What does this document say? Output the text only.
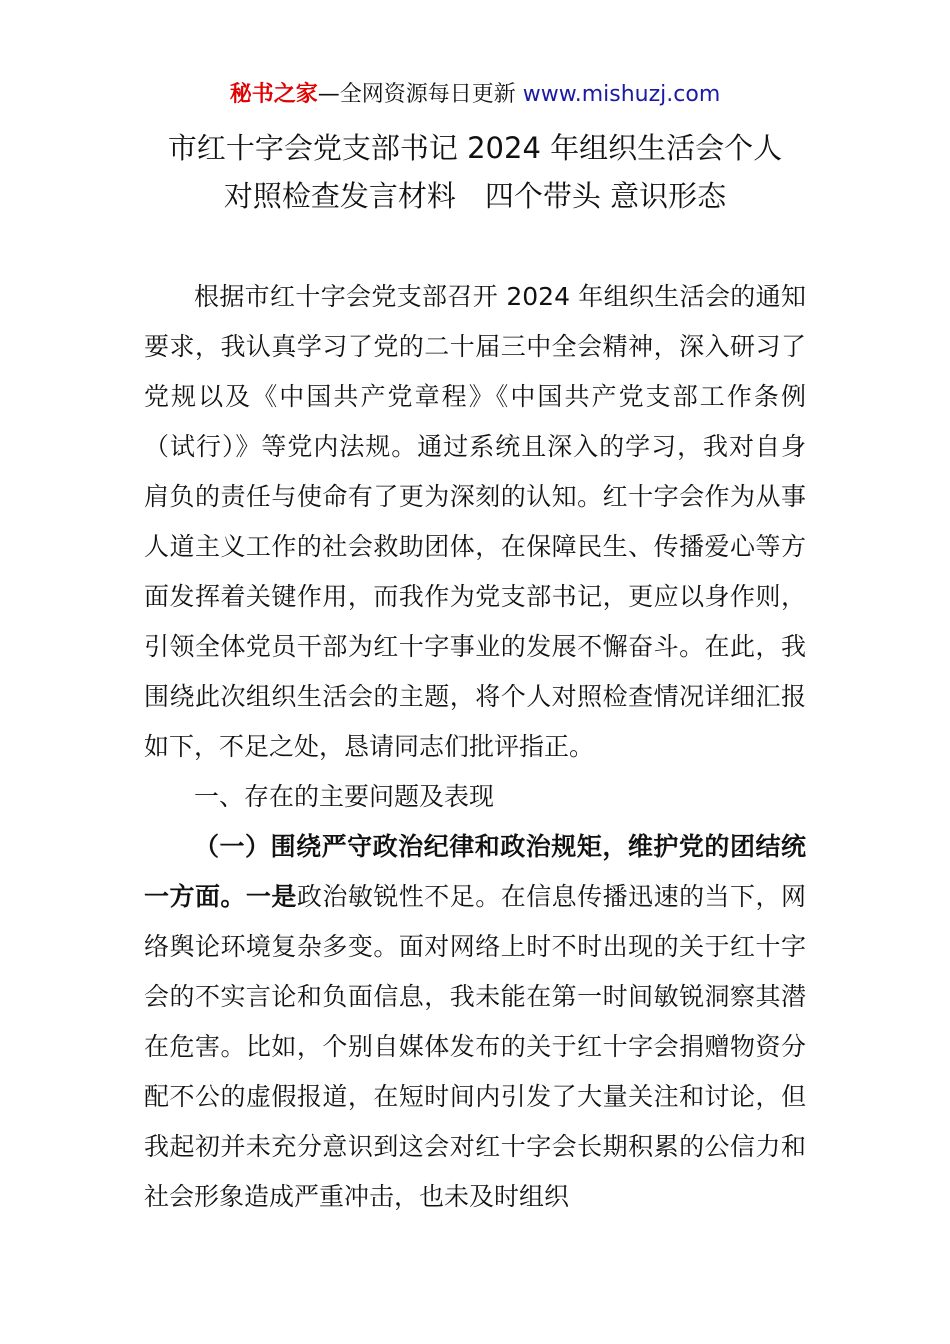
秘书之家—全网资源每日更新 www.mishuzj.com
市红十字会党支部书记 2024 年组织生活会个人
对照检查发言材料　四个带头 意识形态

根据市红十字会党支部召开 2024 年组织生活会的通知要求，我认真学习了党的二十届三中全会精神，深入研习了党规以及《中国共产党章程》《中国共产党支部工作条例（试行）》等党内法规。通过系统且深入的学习，我对自身肩负的责任与使命有了更为深刻的认知。红十字会作为从事人道主义工作的社会救助团体，在保障民生、传播爱心等方面发挥着关键作用，而我作为党支部书记，更应以身作则，引领全体党员干部为红十字事业的发展不懈奋斗。在此，我围绕此次组织生活会的主题，将个人对照检查情况详细汇报如下，不足之处，恳请同志们批评指正。

一、存在的主要问题及表现

（一）围绕严守政治纪律和政治规矩，维护党的团结统一方面。一是政治敏锐性不足。在信息传播迅速的当下，网络舆论环境复杂多变。面对网络上时不时出现的关于红十字会的不实言论和负面信息，我未能在第一时间敏锐洞察其潜在危害。比如，个别自媒体发布的关于红十字会捐赠物资分配不公的虚假报道，在短时间内引发了大量关注和讨论，但我起初并未充分意识到这会对红十字会长期积累的公信力和社会形象造成严重冲击，也未及时组织
